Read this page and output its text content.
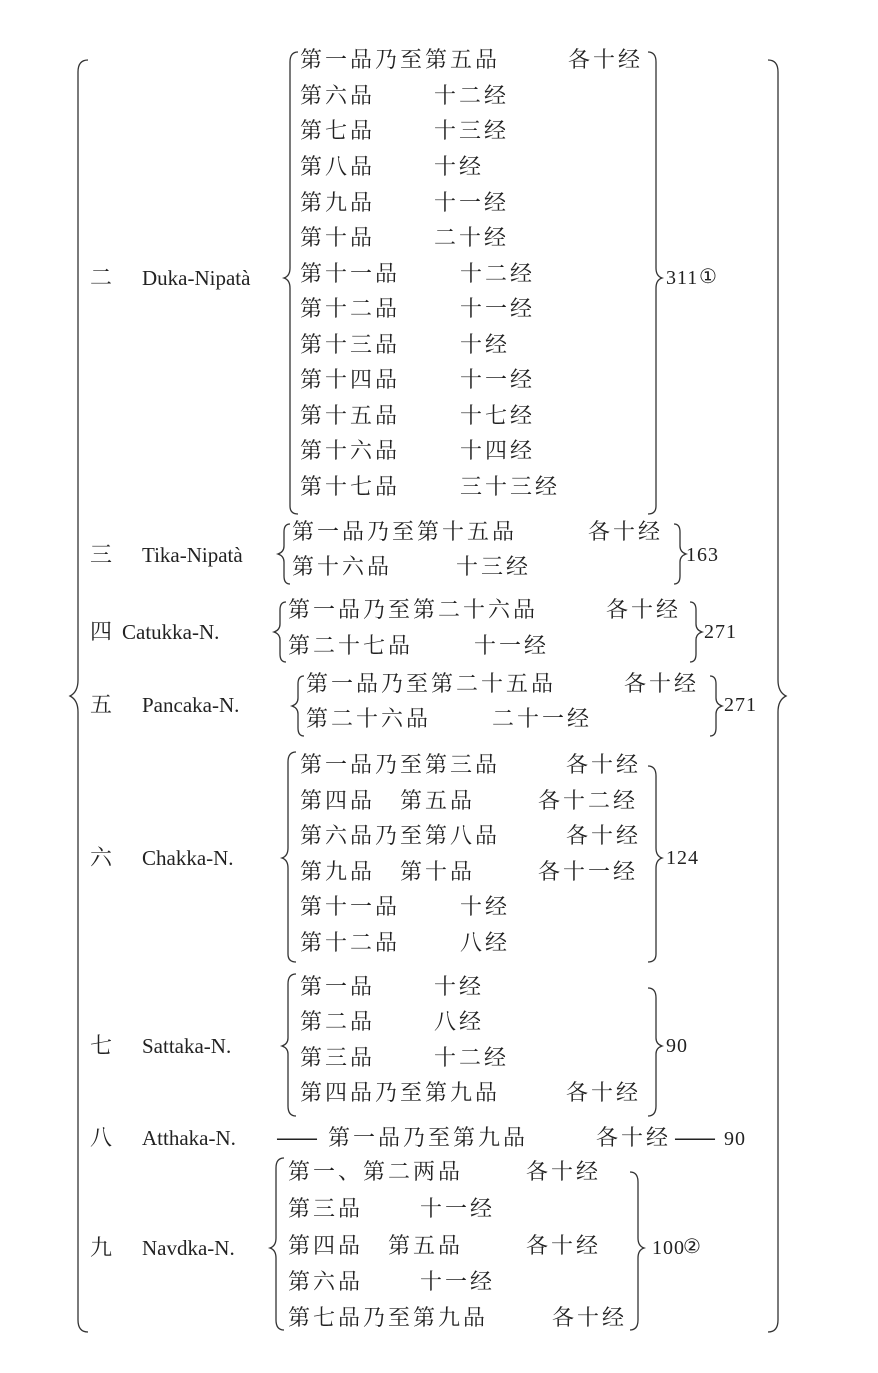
二 Duka-Nipatà
第一品乃至第五品	各十经
第六品	十二经
第七品	十三经
第八品	十经
第九品	十一经
第十品	二十经
第十一品	十二经
第十二品	十一经
第十三品	十经
第十四品	十一经
第十五品	十七经
第十六品	十四经
第十七品	三十三经
311 ①
三 Tika-Nipatà
第一品乃至第十五品	各十经
第十六品	十三经	163
四 Catukka-N.
第一品乃至第二十六品	各十经
第二十七品	十一经
271
五 Pancaka-N.
第一品乃至第二十五品	各十经
第二十六品	二十一经
271
六 Chakka-N.
第一品乃至第三品	各十经
第四品　第五品	各十二经
第六品乃至第八品	各十经
第九品　第十品	各十一经
第十一品	十经
第十二品	八经
124
七 Sattaka-N.
第一品	十经
第二品	八经
第三品	十二经
第四品乃至第九品	各十经
90
八 Atthaka-N. —— 第一品乃至第九品	各十经 —— 90
九 Navdka-N.
第一、第二两品	各十经
第三品	十一经
第四品　第五品	各十经
第六品	十一经
第七品乃至第九品	各十经
100
②
